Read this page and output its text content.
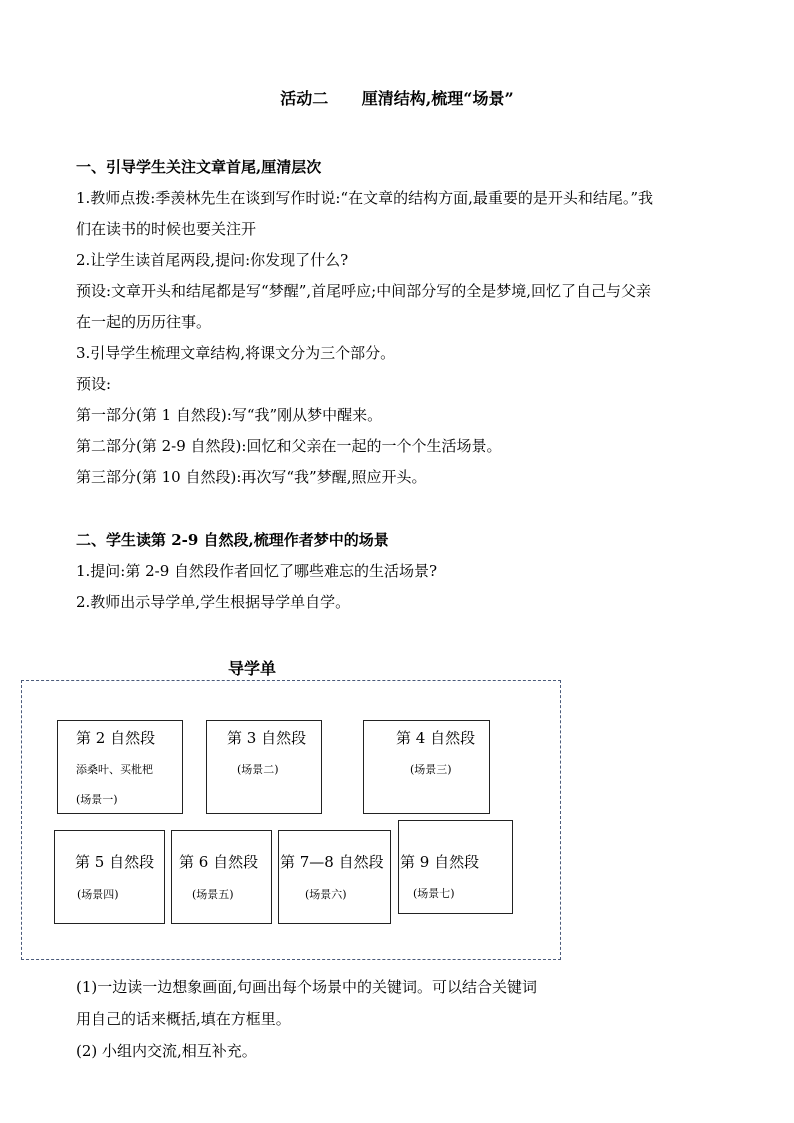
活动二      厘清结构,梳理“场景”
一、引导学生关注文章首尾,厘清层次
1.教师点拨:季羡林先生在谈到写作时说:“在文章的结构方面,最重要的是开头和结尾。”我
们在读书的时候也要关注开
2.让学生读首尾两段,提问:你发现了什么?
预设:文章开头和结尾都是写“梦醒”,首尾呼应;中间部分写的全是梦境,回忆了自己与父亲
在一起的历历往事。
3.引导学生梳理文章结构,将课文分为三个部分。
预设:
第一部分(第 1 自然段):写“我”刚从梦中醒来。
第二部分(第 2-9 自然段):回忆和父亲在一起的一个个生活场景。
第三部分(第 10 自然段):再次写“我”梦醒,照应开头。
二、学生读第 2-9 自然段,梳理作者梦中的场景
1.提问:第 2-9 自然段作者回忆了哪些难忘的生活场景?
2.教师出示导学单,学生根据导学单自学。
导学单
第 2 自然段
添桑叶、买枇杷
(场景一)
第 3 自然段
(场景二)
第 4 自然段
(场景三)
第 5 自然段
(场景四)
第 6 自然段
(场景五)
第 7—8 自然段
(场景六)
第 9 自然段
(场景七)
(1)一边读一边想象画面,句画出每个场景中的关键词。可以结合关键词
用自己的话来概括,填在方框里。
(2) 小组内交流,相互补充。
